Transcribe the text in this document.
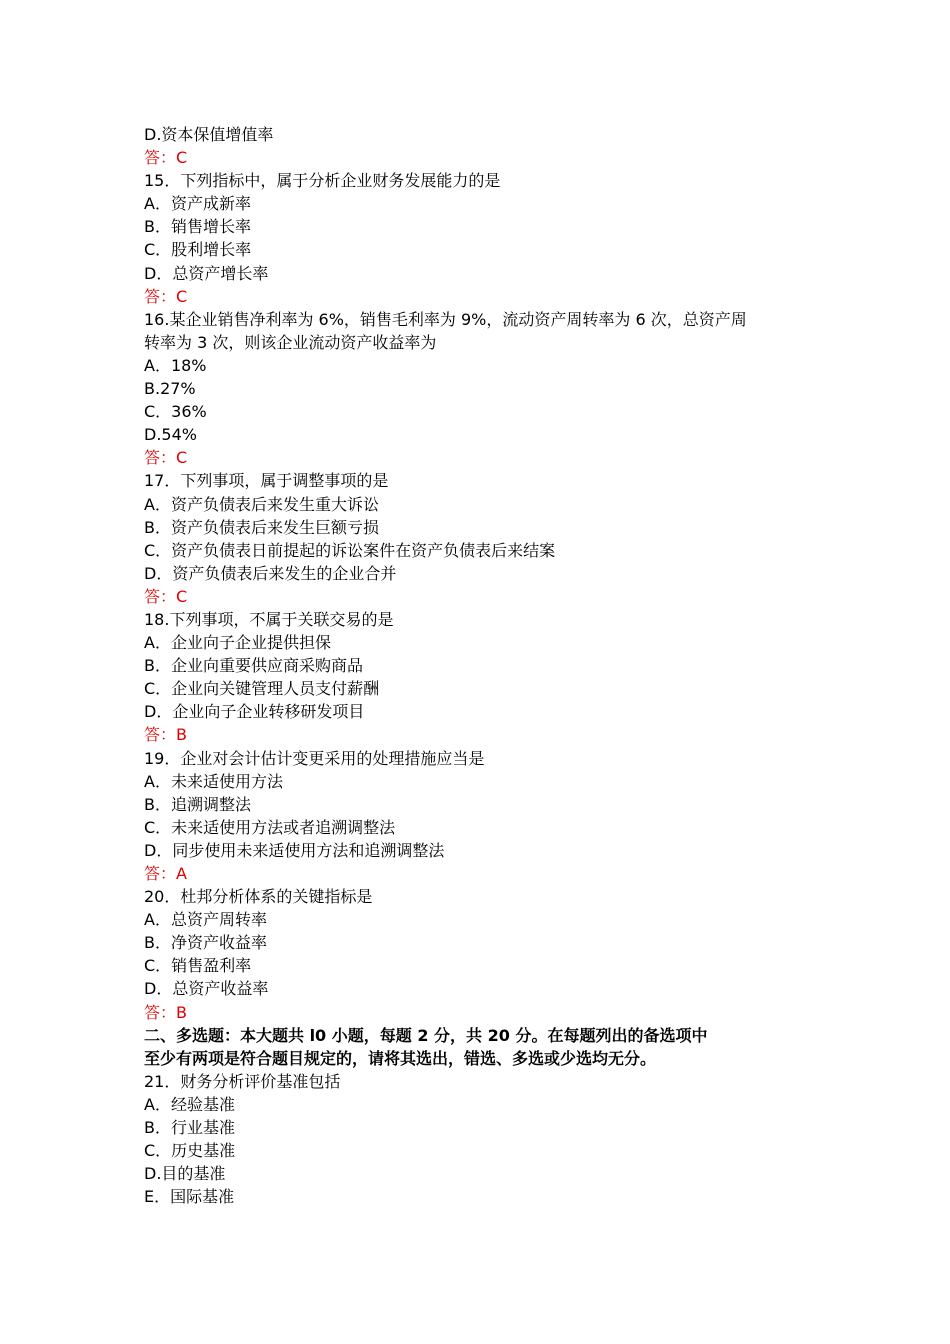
D.资本保值增值率
答：C
15．下列指标中，属于分析企业财务发展能力的是
A．资产成新率
B．销售增长率
C．股利增长率
D．总资产增长率
答：C
16.某企业销售净利率为 6%，销售毛利率为 9%，流动资产周转率为 6 次，总资产周
转率为 3 次，则该企业流动资产收益率为
A．18%
B.27%
C．36%
D.54%
答：C
17．下列事项，属于调整事项的是
A．资产负债表后来发生重大诉讼
B．资产负债表后来发生巨额亏损
C．资产负债表日前提起的诉讼案件在资产负债表后来结案
D．资产负债表后来发生的企业合并
答：C
18.下列事项，不属于关联交易的是
A．企业向子企业提供担保
B．企业向重要供应商采购商品
C．企业向关键管理人员支付薪酬
D．企业向子企业转移研发项目
答：B
19．企业对会计估计变更采用的处理措施应当是
A．未来适使用方法
B．追溯调整法
C．未来适使用方法或者追溯调整法
D．同步使用未来适使用方法和追溯调整法
答：A
20．杜邦分析体系的关键指标是
A．总资产周转率
B．净资产收益率
C．销售盈利率
D．总资产收益率
答：B
二、多选题：本大题共 l0 小题，每题 2 分，共 20 分。在每题列出的备选项中
至少有两项是符合题目规定的，请将其选出，错选、多选或少选均无分。
21．财务分析评价基准包括
A．经验基准
B．行业基准
C．历史基准
D.目的基准
E．国际基准
